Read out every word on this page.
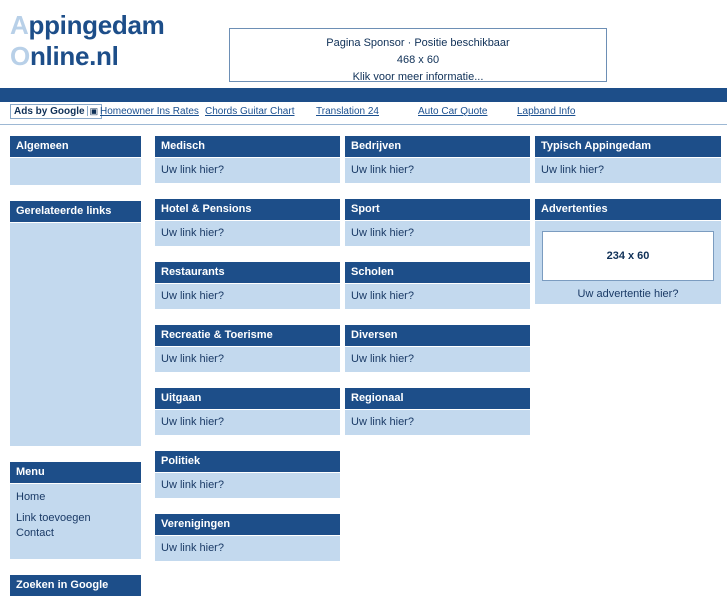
Appingedam
Online.nl	Pagina Sponsor · Positie beschikbaar
468 x 60
Klik voor meer informatie...
Ads by Google ▣ Homeowner Ins Rates Chords Guitar Chart Translation 24	Auto Car Quote	Lapband Info
Algemeen
Gerelateerde links
Menu
Home
Link toevoegen
Contact
Zoeken in Google
Medisch
Uw link hier?
Hotel & Pensions
Uw link hier?
Restaurants
Uw link hier?
Recreatie & Toerisme
Uw link hier?
Uitgaan
Uw link hier?
Politiek
Uw link hier?
Verenigingen
Uw link hier?
Bedrijven
Uw link hier?
Sport
Uw link hier?
Scholen
Uw link hier?
Diversen
Uw link hier?
Regionaal
Uw link hier?
Typisch Appingedam
Uw link hier?
Advertenties
234 x 60
Uw advertentie hier?
